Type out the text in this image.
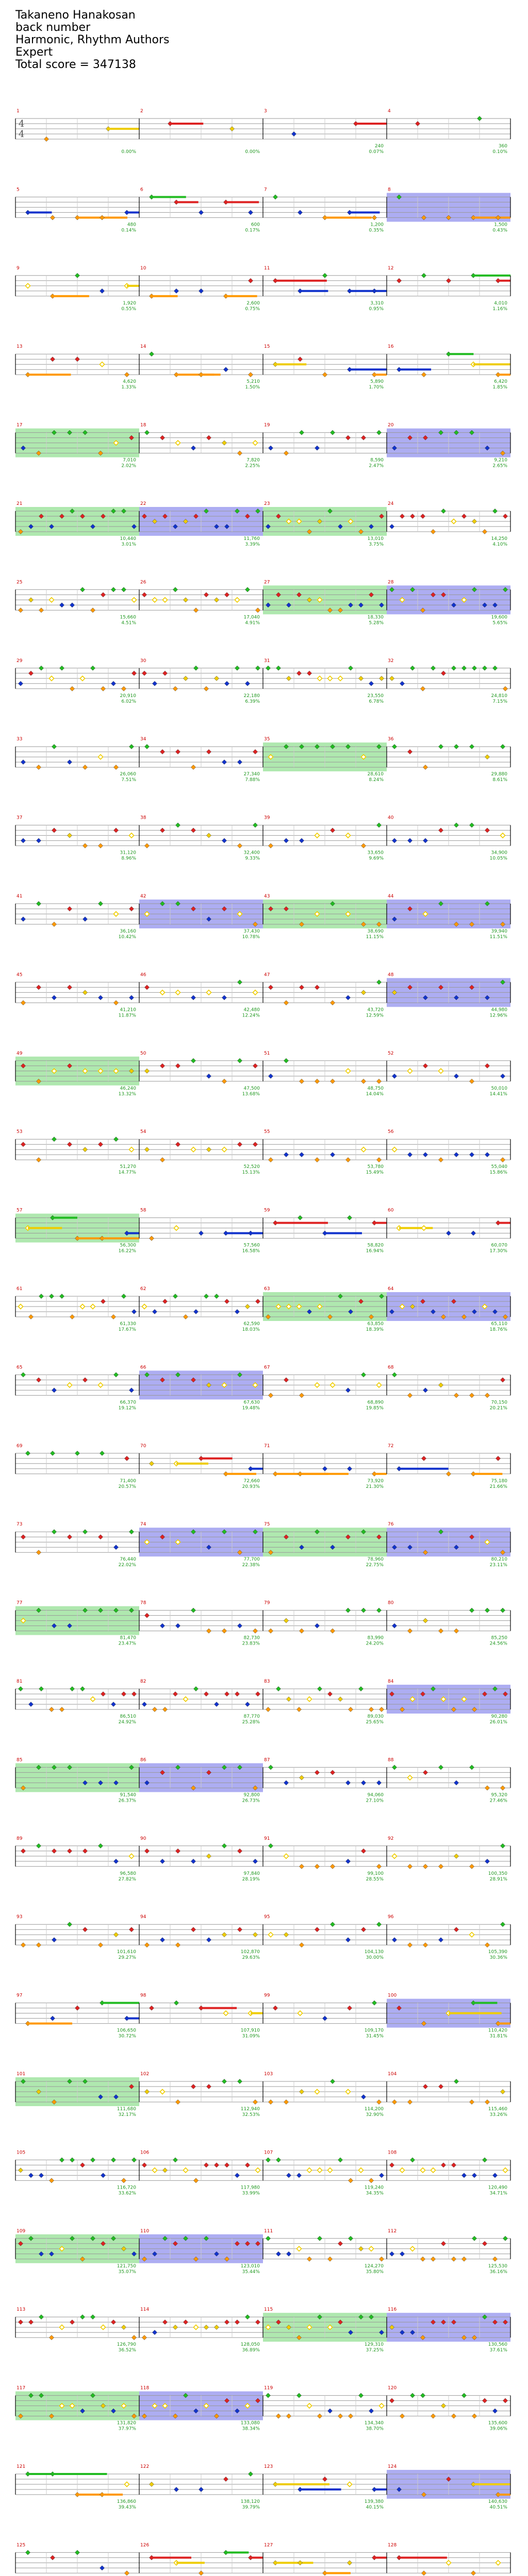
Takaneno Hanakosan
back number
Harmonic, Rhythm Authors
Expert
Total score = 347138
1
0.00%
2
0.00%
3
240
0.07%
4
360
0.10%
4
4
5
480
0.14%
6
600
0.17%
7
1,200
0.35%
8
1,500
0.43%
9
1,920
0.55%
10
2,600
0.75%
11
3,310
0.95%
12
4,010
1.16%
13
4,620
1.33%
14
5,210
1.50%
15
5,890
1.70%
16
6,420
1.85%
17
7,010
2.02%
18
7,820
2.25%
19
8,590
2.47%
20
9,210
2.65%
21
10,440
3.01%
22
11,760
3.39%
23
13,010
3.75%
24
14,250
4.10%
25
15,660
4.51%
26
17,040
4.91%
27
18,330
5.28%
28
19,600
5.65%
29
20,910
6.02%
30
22,180
6.39%
31
23,550
6.78%
32
24,810
7.15%
33
26,060
7.51%
34
27,340
7.88%
35
28,610
8.24%
36
29,880
8.61%
37
31,120
8.96%
38
32,400
9.33%
39
33,650
9.69%
40
34,900
10.05%
41
36,160
10.42%
42
37,430
10.78%
43
38,690
11.15%
44
39,940
11.51%
45
41,210
11.87%
46
42,480
12.24%
47
43,720
12.59%
48
44,980
12.96%
49
46,240
13.32%
50
47,500
13.68%
51
48,750
14.04%
52
50,010
14.41%
53
51,270
14.77%
54
52,520
15.13%
55
53,780
15.49%
56
55,040
15.86%
57
56,300
16.22%
58
57,560
16.58%
59
58,820
16.94%
60
60,070
17.30%
61
61,330
17.67%
62
62,590
18.03%
63
63,850
18.39%
64
65,110
18.76%
65
66,370
19.12%
66
67,630
19.48%
67
68,890
19.85%
68
70,150
20.21%
69
71,400
20.57%
70
72,660
20.93%
71
73,920
21.30%
72
75,180
21.66%
73
76,440
22.02%
74
77,700
22.38%
75
78,960
22.75%
76
80,210
23.11%
77
81,470
23.47%
78
82,730
23.83%
79
83,990
24.20%
80
85,250
24.56%
81
86,510
24.92%
82
87,770
25.28%
83
89,030
25.65%
84
90,280
26.01%
85
91,540
26.37%
86
92,800
26.73%
87
94,060
27.10%
88
95,320
27.46%
89
96,580
27.82%
90
97,840
28.19%
91
99,100
28.55%
92
100,350
28.91%
93
101,610
29.27%
94
102,870
29.63%
95
104,130
30.00%
96
105,390
30.36%
97
106,650
30.72%
98
107,910
31.09%
99
109,170
31.45%
100
110,420
31.81%
101
111,680
32.17%
102
112,940
32.53%
103
114,200
32.90%
104
115,460
33.26%
105
116,720
33.62%
106
117,980
33.99%
107
119,240
34.35%
108
120,490
34.71%
109
121,750
35.07%
110
123,010
35.44%
111
124,270
35.80%
112
125,530
36.16%
113
126,790
36.52%
114
128,050
36.89%
115
129,310
37.25%
116
130,560
37.61%
117
131,820
37.97%
118
133,080
38.34%
119
134,340
38.70%
120
135,600
39.06%
121
136,860
39.43%
122
138,120
39.79%
123
139,380
40.15%
124
140,630
40.51%
125	126	127	128
